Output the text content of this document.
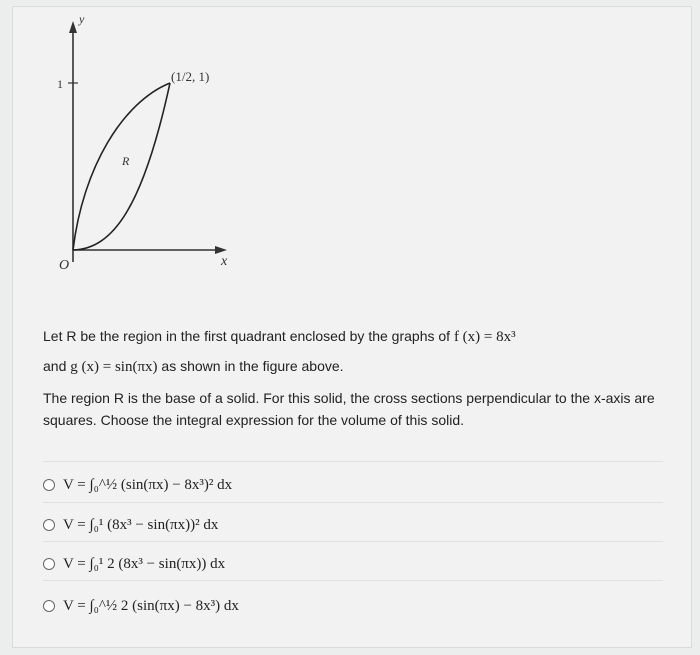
y
x
O
1
R
(1/2, 1)

Let R be the region in the first quadrant enclosed by the graphs of f (x) = 8x³

and g (x) = sin(πx) as shown in the figure above.

The region R is the base of a solid. For this solid, the cross sections perpendicular to the x-axis are squares. Choose the integral expression for the volume of this solid.

V = ∫₀^½ (sin(πx) − 8x³)² dx
V = ∫₀¹ (8x³ − sin(πx))² dx
V = ∫₀¹ 2 (8x³ − sin(πx)) dx
V = ∫₀^½ 2 (sin(πx) − 8x³) dx
